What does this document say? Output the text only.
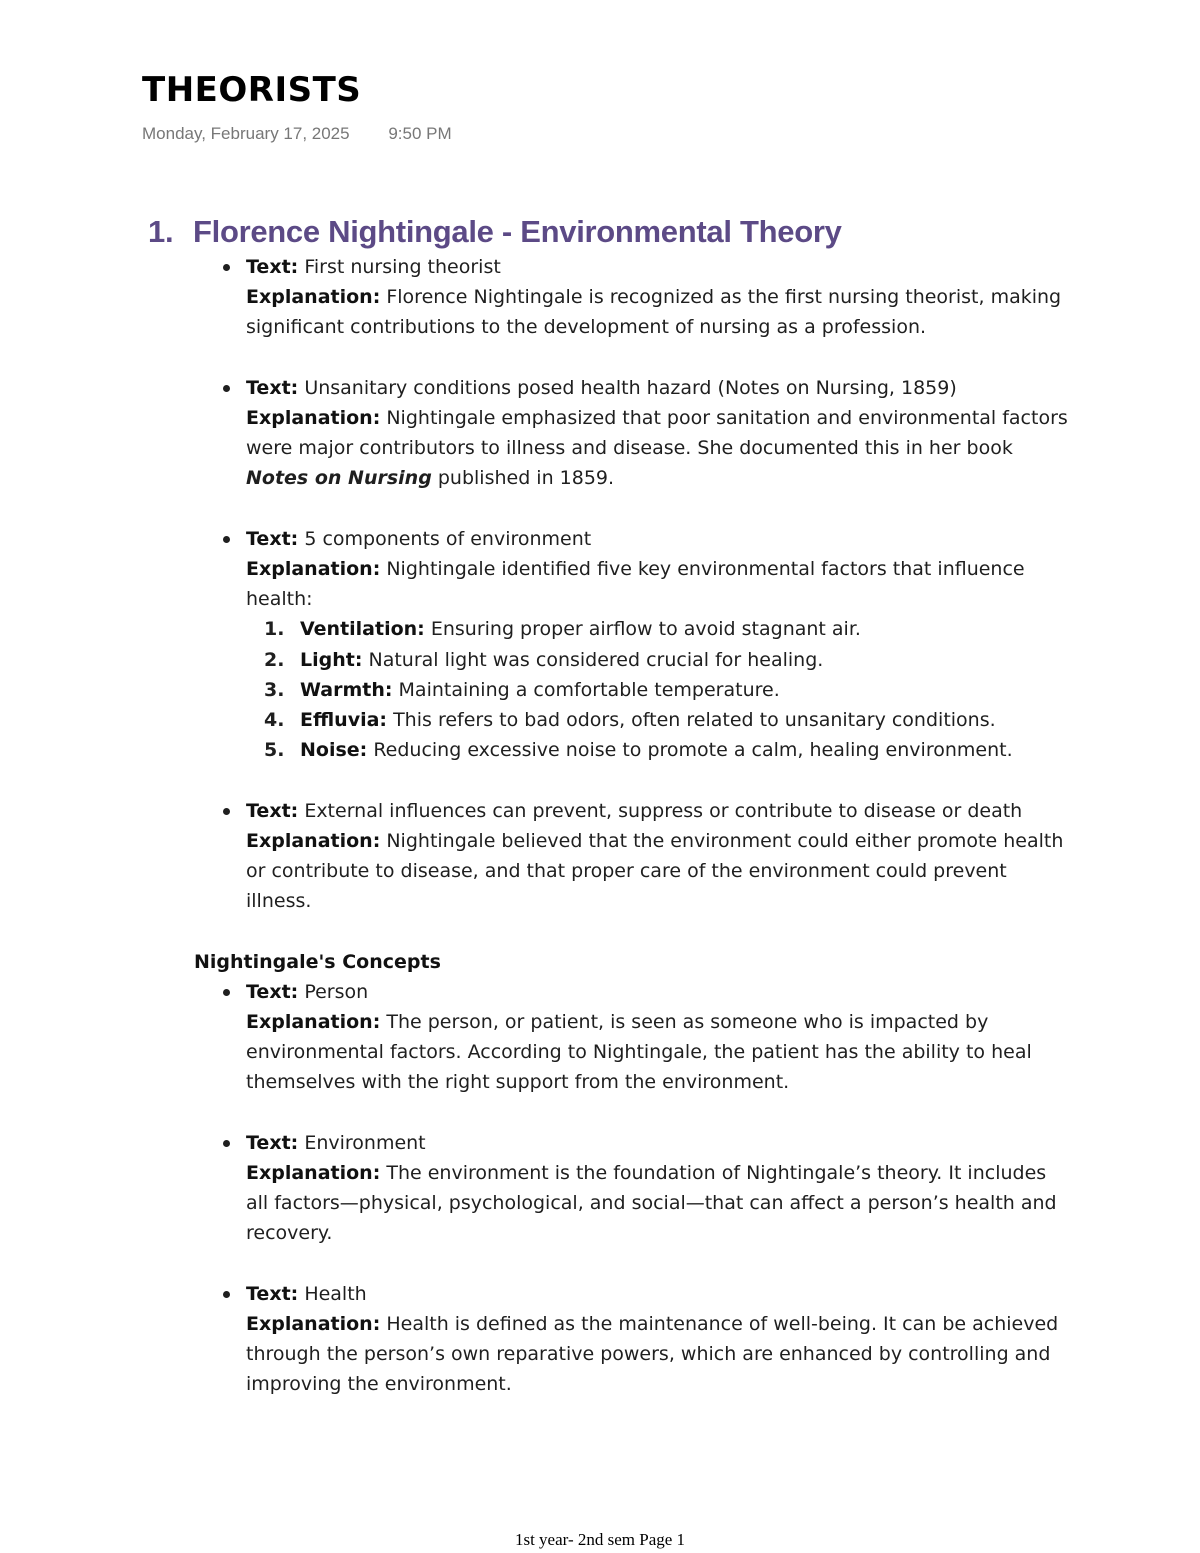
THEORISTS
Monday, February 17, 2025 9:50 PM
1. Florence Nightingale - Environmental Theory
Text: First nursing theorist
Explanation: Florence Nightingale is recognized as the first nursing theorist, making significant contributions to the development of nursing as a profession.
Text: Unsanitary conditions posed health hazard (Notes on Nursing, 1859)
Explanation: Nightingale emphasized that poor sanitation and environmental factors were major contributors to illness and disease. She documented this in her book Notes on Nursing published in 1859.
Text: 5 components of environment
Explanation: Nightingale identified five key environmental factors that influence health:
1. Ventilation: Ensuring proper airflow to avoid stagnant air.
2. Light: Natural light was considered crucial for healing.
3. Warmth: Maintaining a comfortable temperature.
4. Effluvia: This refers to bad odors, often related to unsanitary conditions.
5. Noise: Reducing excessive noise to promote a calm, healing environment.
Text: External influences can prevent, suppress or contribute to disease or death
Explanation: Nightingale believed that the environment could either promote health or contribute to disease, and that proper care of the environment could prevent illness.
Nightingale's Concepts
Text: Person
Explanation: The person, or patient, is seen as someone who is impacted by environmental factors. According to Nightingale, the patient has the ability to heal themselves with the right support from the environment.
Text: Environment
Explanation: The environment is the foundation of Nightingale’s theory. It includes all factors—physical, psychological, and social—that can affect a person’s health and recovery.
Text: Health
Explanation: Health is defined as the maintenance of well-being. It can be achieved through the person’s own reparative powers, which are enhanced by controlling and improving the environment.
1st year- 2nd sem Page 1
